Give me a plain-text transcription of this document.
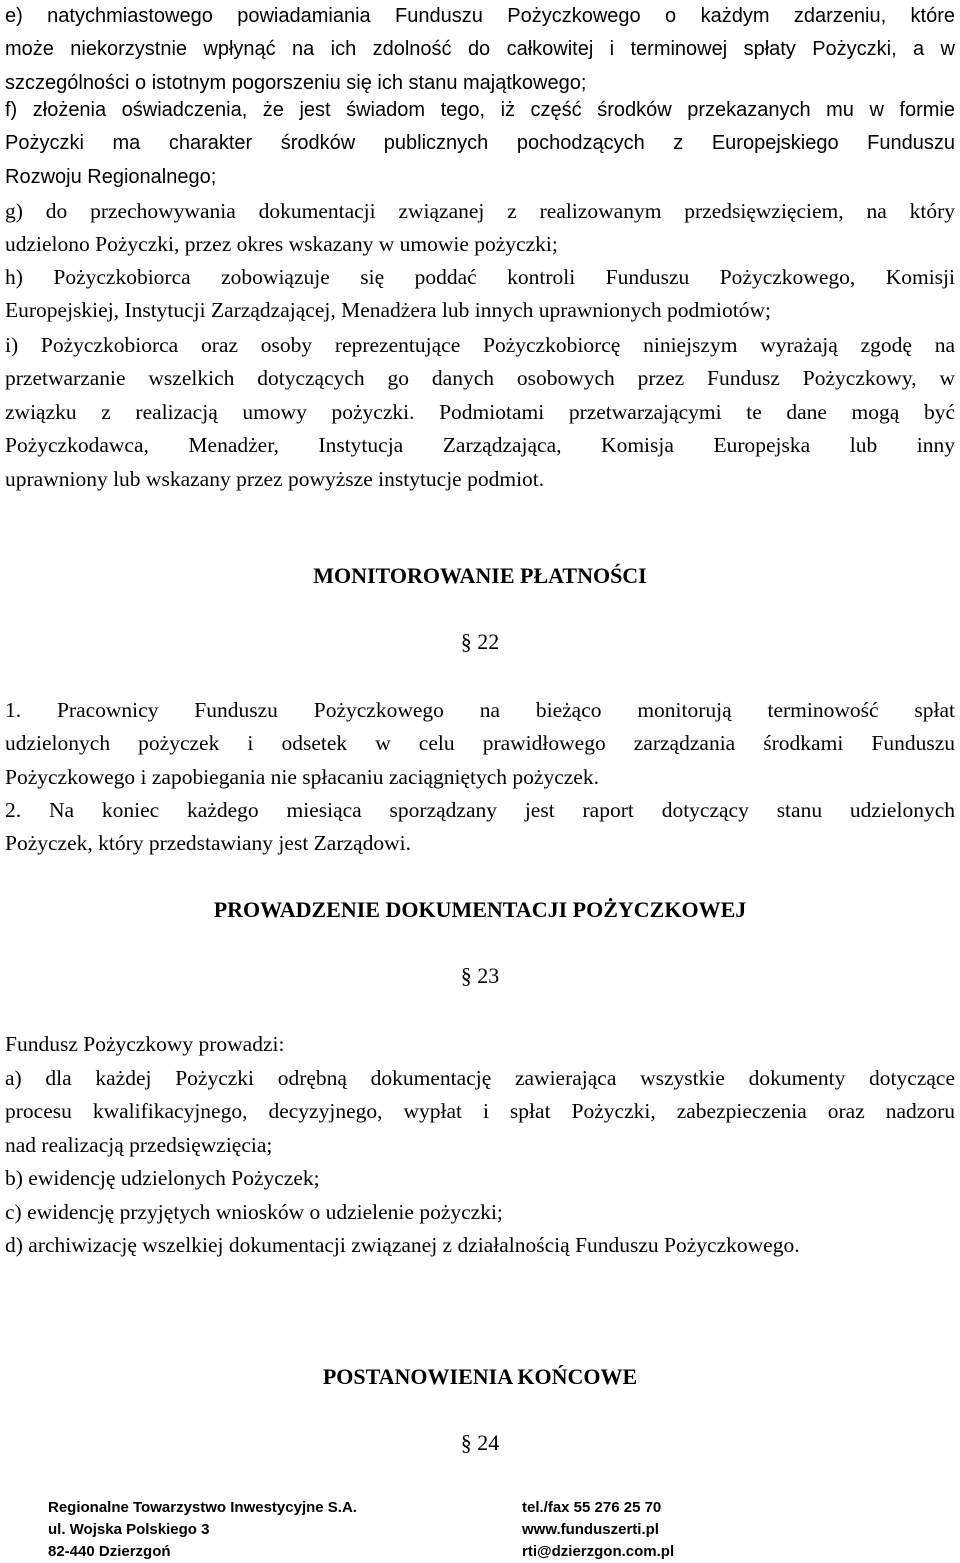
e) natychmiastowego powiadamiania Funduszu Pożyczkowego o każdym zdarzeniu, które
może niekorzystnie wpłynąć na ich zdolność do całkowitej i terminowej spłaty Pożyczki, a w
szczególności o istotnym pogorszeniu się ich stanu majątkowego;

f) złożenia oświadczenia, że jest świadom tego, iż część środków przekazanych mu w formie
Pożyczki ma charakter środków publicznych pochodzących z Europejskiego Funduszu
Rozwoju Regionalnego;

g) do przechowywania dokumentacji związanej z realizowanym przedsięwzięciem, na który
udzielono Pożyczki, przez okres wskazany w umowie pożyczki;

h) Pożyczkobiorca zobowiązuje się poddać kontroli Funduszu Pożyczkowego, Komisji
Europejskiej, Instytucji Zarządzającej, Menadżera lub innych uprawnionych podmiotów;

i) Pożyczkobiorca oraz osoby reprezentujące Pożyczkobiorcę niniejszym wyrażają zgodę na
przetwarzanie wszelkich dotyczących go danych osobowych przez Fundusz Pożyczkowy, w
związku z realizacją umowy pożyczki. Podmiotami przetwarzającymi te dane mogą być
Pożyczkodawca, Menadżer, Instytucja Zarządzająca, Komisja Europejska lub inny
uprawniony lub wskazany przez powyższe instytucje podmiot.

MONITOROWANIE PŁATNOŚCI
§ 22

1. Pracownicy Funduszu Pożyczkowego na bieżąco monitorują terminowość spłat
udzielonych pożyczek i odsetek w celu prawidłowego zarządzania środkami Funduszu
Pożyczkowego i zapobiegania nie spłacaniu zaciągniętych pożyczek.

2. Na koniec każdego miesiąca sporządzany jest raport dotyczący stanu udzielonych
Pożyczek, który przedstawiany jest Zarządowi.

PROWADZENIE DOKUMENTACJI POŻYCZKOWEJ
§ 23

Fundusz Pożyczkowy prowadzi:

a) dla każdej Pożyczki odrębną dokumentację zawierająca wszystkie dokumenty dotyczące
procesu kwalifikacyjnego, decyzyjnego, wypłat i spłat Pożyczki, zabezpieczenia oraz nadzoru
nad realizacją przedsięwzięcia;

b) ewidencję udzielonych Pożyczek;

c) ewidencję przyjętych wniosków o udzielenie pożyczki;

d) archiwizację wszelkiej dokumentacji związanej z działalnością Funduszu Pożyczkowego.

POSTANOWIENIA KOŃCOWE
§ 24
Regionalne Towarzystwo Inwestycyjne S.A.
ul. Wojska Polskiego 3
82-440 Dzierzgoń
tel./fax 55 276 25 70
www.funduszerti.pl
rti@dzierzgon.com.pl
